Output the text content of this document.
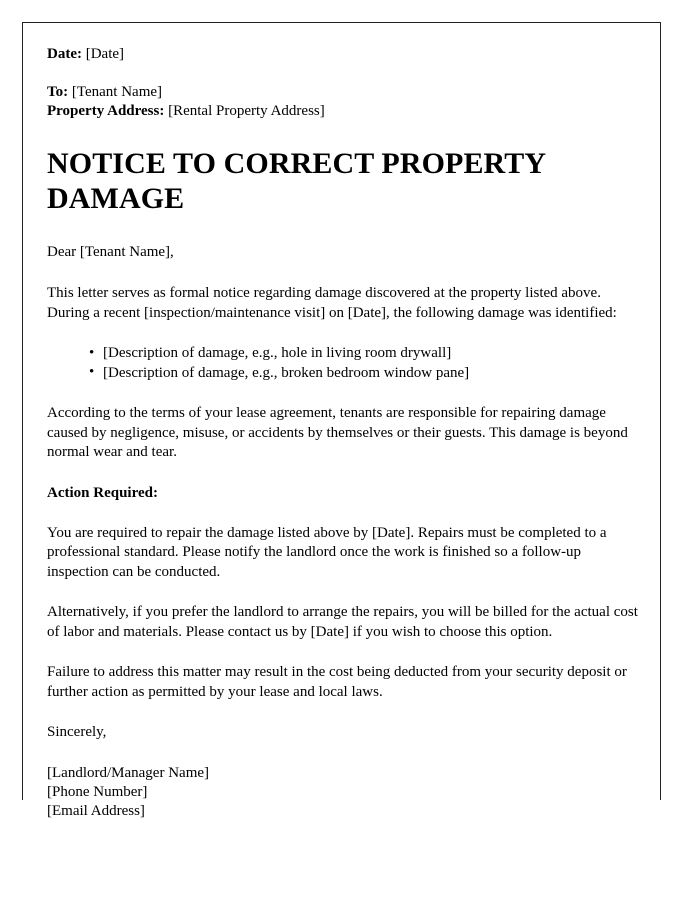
Date: [Date]

To: [Tenant Name]
Property Address: [Rental Property Address]
NOTICE TO CORRECT PROPERTY DAMAGE

Dear [Tenant Name],

This letter serves as formal notice regarding damage discovered at the property listed above. During a recent [inspection/maintenance visit] on [Date], the following damage was identified:

• [Description of damage, e.g., hole in living room drywall]
• [Description of damage, e.g., broken bedroom window pane]

According to the terms of your lease agreement, tenants are responsible for repairing damage caused by negligence, misuse, or accidents by themselves or their guests. This damage is beyond normal wear and tear.

Action Required:

You are required to repair the damage listed above by [Date]. Repairs must be completed to a professional standard. Please notify the landlord once the work is finished so a follow-up inspection can be conducted.

Alternatively, if you prefer the landlord to arrange the repairs, you will be billed for the actual cost of labor and materials. Please contact us by [Date] if you wish to choose this option.

Failure to address this matter may result in the cost being deducted from your security deposit or further action as permitted by your lease and local laws.

Sincerely,

[Landlord/Manager Name]
[Phone Number]
[Email Address]
